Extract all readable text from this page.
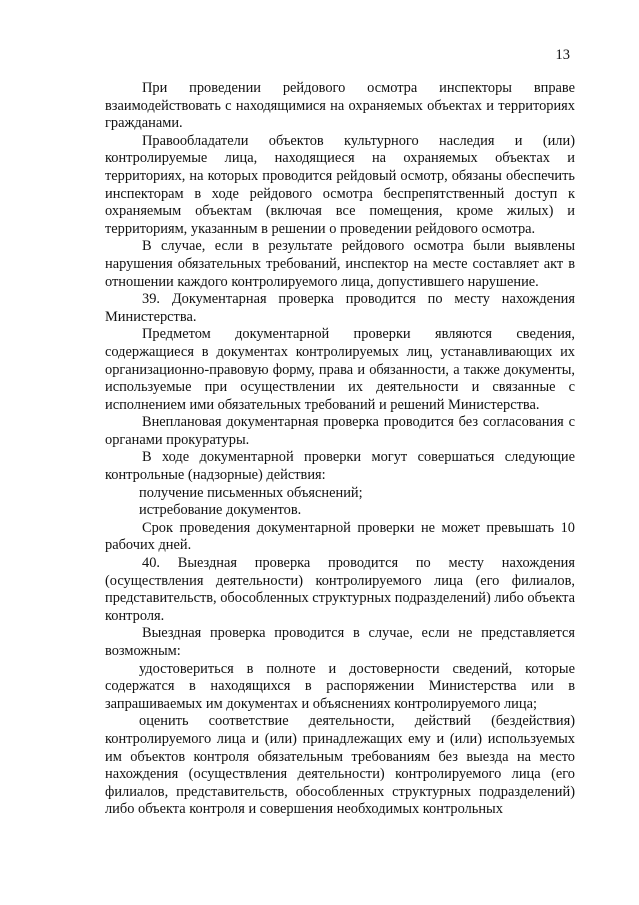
13

При проведении рейдового осмотра инспекторы вправе взаимодействовать с находящимися на охраняемых объектах и территориях гражданами.

Правообладатели объектов культурного наследия и (или) контролируемые лица, находящиеся на охраняемых объектах и территориях, на которых проводится рейдовый осмотр, обязаны обеспечить инспекторам в ходе рейдового осмотра беспрепятственный доступ к охраняемым объектам (включая все помещения, кроме жилых) и территориям, указанным в решении о проведении рейдового осмотра.

В случае, если в результате рейдового осмотра были выявлены нарушения обязательных требований, инспектор на месте составляет акт в отношении каждого контролируемого лица, допустившего нарушение.

39. Документарная проверка проводится по месту нахождения Министерства.

Предметом документарной проверки являются сведения, содержащиеся в документах контролируемых лиц, устанавливающих их организационно-правовую форму, права и обязанности, а также документы, используемые при осуществлении их деятельности и связанные с исполнением ими обязательных требований и решений Министерства.

Внеплановая документарная проверка проводится без согласования с органами прокуратуры.

В ходе документарной проверки могут совершаться следующие контрольные (надзорные) действия:

получение письменных объяснений;

истребование документов.

Срок проведения документарной проверки не может превышать 10 рабочих дней.

40. Выездная проверка проводится по месту нахождения (осуществления деятельности) контролируемого лица (его филиалов, представительств, обособленных структурных подразделений) либо объекта контроля.

Выездная проверка проводится в случае, если не представляется возможным:

удостовериться в полноте и достоверности сведений, которые содержатся в находящихся в распоряжении Министерства или в запрашиваемых им документах и объяснениях контролируемого лица;

оценить соответствие деятельности, действий (бездействия) контролируемого лица и (или) принадлежащих ему и (или) используемых им объектов контроля обязательным требованиям без выезда на место нахождения (осуществления деятельности) контролируемого лица (его филиалов, представительств, обособленных структурных подразделений) либо объекта контроля и совершения необходимых контрольных
